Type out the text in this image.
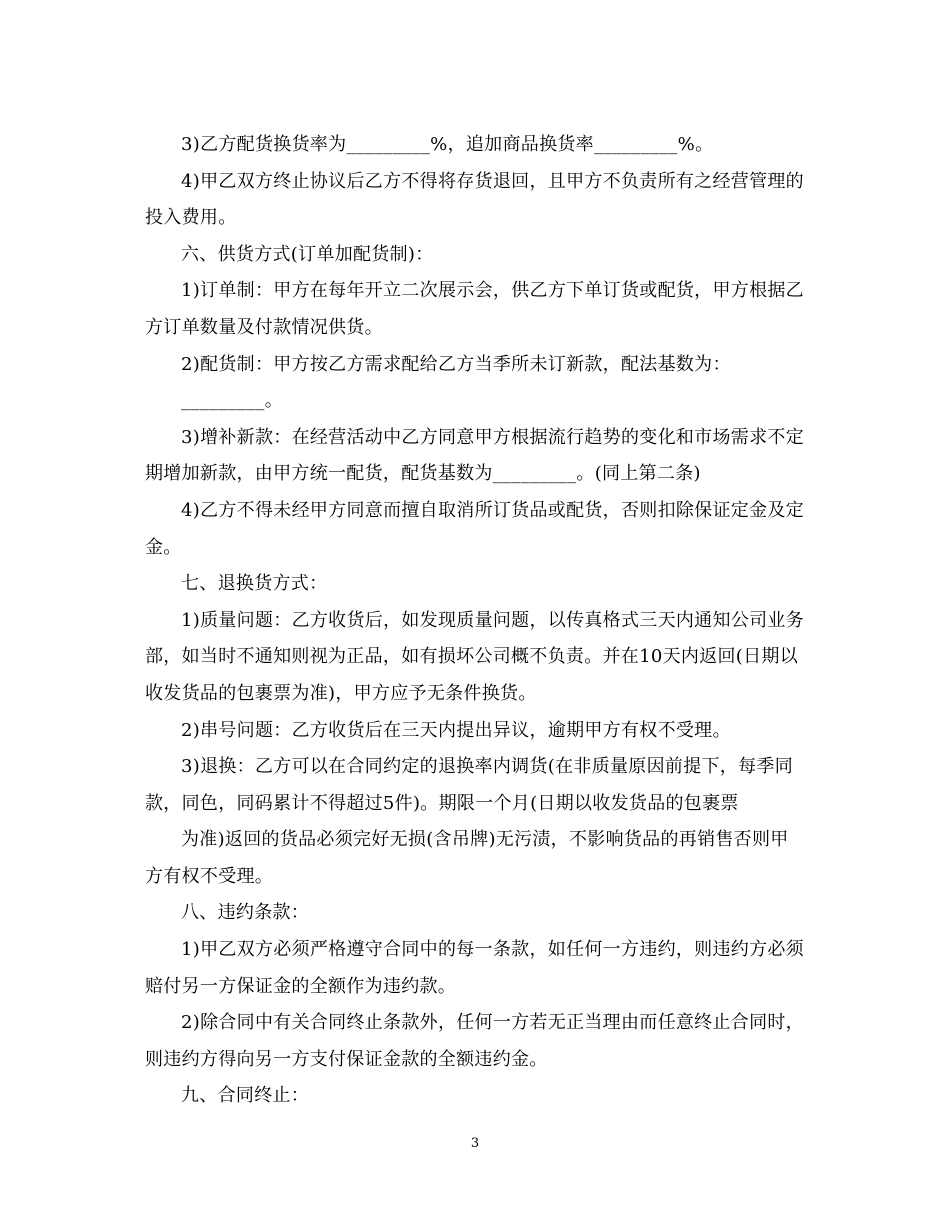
3)乙方配货换货率为_________%，追加商品换货率_________%。

4)甲乙双方终止协议后乙方不得将存货退回，且甲方不负责所有之经营管理的投入费用。

六、供货方式(订单加配货制)：

1)订单制：甲方在每年开立二次展示会，供乙方下单订货或配货，甲方根据乙方订单数量及付款情况供货。

2)配货制：甲方按乙方需求配给乙方当季所未订新款，配法基数为：

_________。

3)增补新款：在经营活动中乙方同意甲方根据流行趋势的变化和市场需求不定期增加新款，由甲方统一配货，配货基数为_________。(同上第二条)

4)乙方不得未经甲方同意而擅自取消所订货品或配货，否则扣除保证定金及定金。

七、退换货方式：

1)质量问题：乙方收货后，如发现质量问题，以传真格式三天内通知公司业务部，如当时不通知则视为正品，如有损坏公司概不负责。并在10天内返回(日期以收发货品的包裹票为准)，甲方应予无条件换货。

2)串号问题：乙方收货后在三天内提出异议，逾期甲方有权不受理。

3)退换：乙方可以在合同约定的退换率内调货(在非质量原因前提下，每季同款，同色，同码累计不得超过5件)。期限一个月(日期以收发货品的包裹票

为准)返回的货品必须完好无损(含吊牌)无污渍，不影响货品的再销售否则甲方有权不受理。

八、违约条款：

1)甲乙双方必须严格遵守合同中的每一条款，如任何一方违约，则违约方必须赔付另一方保证金的全额作为违约款。

2)除合同中有关合同终止条款外，任何一方若无正当理由而任意终止合同时，则违约方得向另一方支付保证金款的全额违约金。

九、合同终止：

3
